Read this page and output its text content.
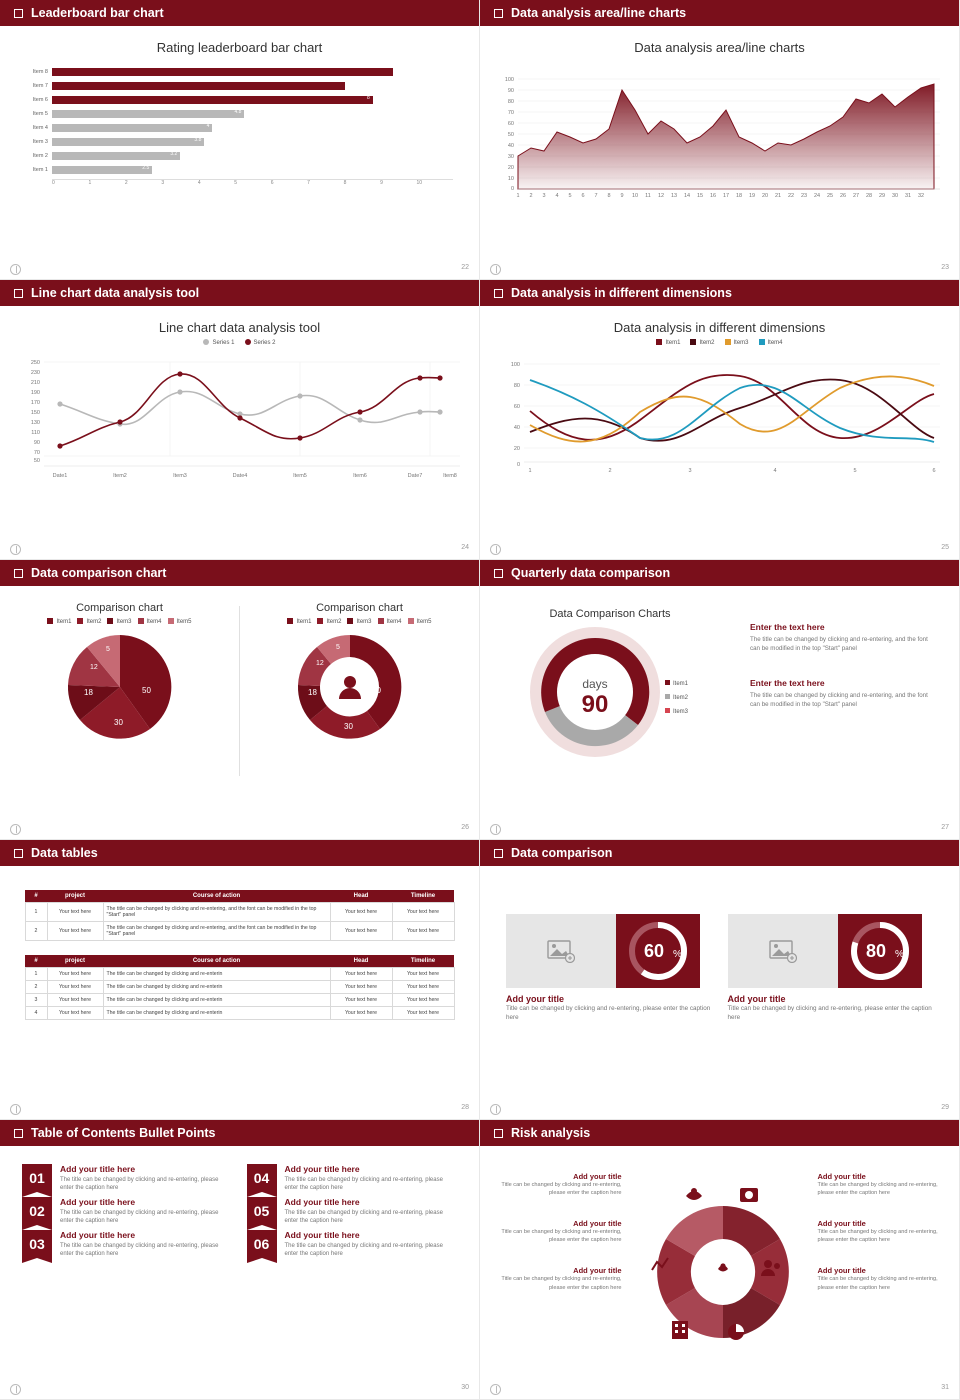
Leaderboard bar chart
Rating leaderboard bar chart
Item 8
Item 7
Item 6	8
Item 5	4.8
Item 4	4
Item 3	3.8
Item 2	3.2
Item 1	2.5
0	1	2	3	4	5	6	7	8	9	10
22
Data analysis area/line charts
Data analysis area/line charts
100
90
80
70
60
50
40
30
20
10
0
1 2 3 4 5 6 7 8 9 10 11 12 13 14 15 16 17 18 19 20 21 22 23 24 25 26 27 28 29 30 31 32
23
Line chart data analysis tool
Line chart data analysis tool
Series 1	Series 2
250
230
210
190
170
150
130
110
90
70
50
Date1	Item2	Item3	Date4	Item5	Item6	Date7	Item8
24
Data analysis in different dimensions
Data analysis in different dimensions
Item1	Item2	Item3	Item4
100
80
60
40
20
0
1	2	3	4	5	6
25
Data comparison chart
Comparison chart
Item1	Item2	Item3	Item4	Item5
50
30
18
12
5
Comparison chart
Item1	Item2	Item3	Item4	Item5
50
30
18
12
5
26
Quarterly data comparison
Data Comparison Charts
days
90
Item1
Item2
Item3
Enter the text here
The title can be changed by clicking and re-entering, and the font can be modified in the top "Start" panel
Enter the text here
The title can be changed by clicking and re-entering, and the font can be modified in the top "Start" panel
27
Data tables
#	project	Course of action	Head	Timeline
1	Your text here	The title can be changed by clicking and re-entering, and the font can be modified in the top "Start" panel	Your text here	Your text here
2	Your text here	The title can be changed by clicking and re-entering, and the font can be modified in the top "Start" panel	Your text here	Your text here
#	project	Course of action	Head	Timeline
1	Your text here	The title can be changed by clicking and re-enterin	Your text here	Your text here
2	Your text here	The title can be changed by clicking and re-enterin	Your text here	Your text here
3	Your text here	The title can be changed by clicking and re-enterin	Your text here	Your text here
4	Your text here	The title can be changed by clicking and re-enterin	Your text here	Your text here
28
Data comparison
60 %
Add your title
Title can be changed by clicking and re-entering, please enter the caption here
80 %
Add your title
Title can be changed by clicking and re-entering, please enter the caption here
29
Table of Contents Bullet Points
01
Add your title here
The title can be changed by clicking and re-entering, please enter the caption here
04
Add your title here
The title can be changed by clicking and re-entering, please enter the caption here
02
Add your title here
The title can be changed by clicking and re-entering, please enter the caption here
05
Add your title here
The title can be changed by clicking and re-entering, please enter the caption here
03
Add your title here
The title can be changed by clicking and re-entering, please enter the caption here
06
Add your title here
The title can be changed by clicking and re-entering, please enter the caption here
30
Risk analysis
Add your title
Title can be changed by clicking and re-entering, please enter the caption here
Add your title
Title can be changed by clicking and re-entering, please enter the caption here
Add your title
Title can be changed by clicking and re-entering, please enter the caption here
Add your title
Title can be changed by clicking and re-entering, please enter the caption here
Add your title
Title can be changed by clicking and re-entering, please enter the caption here
Add your title
Title can be changed by clicking and re-entering, please enter the caption here
31
